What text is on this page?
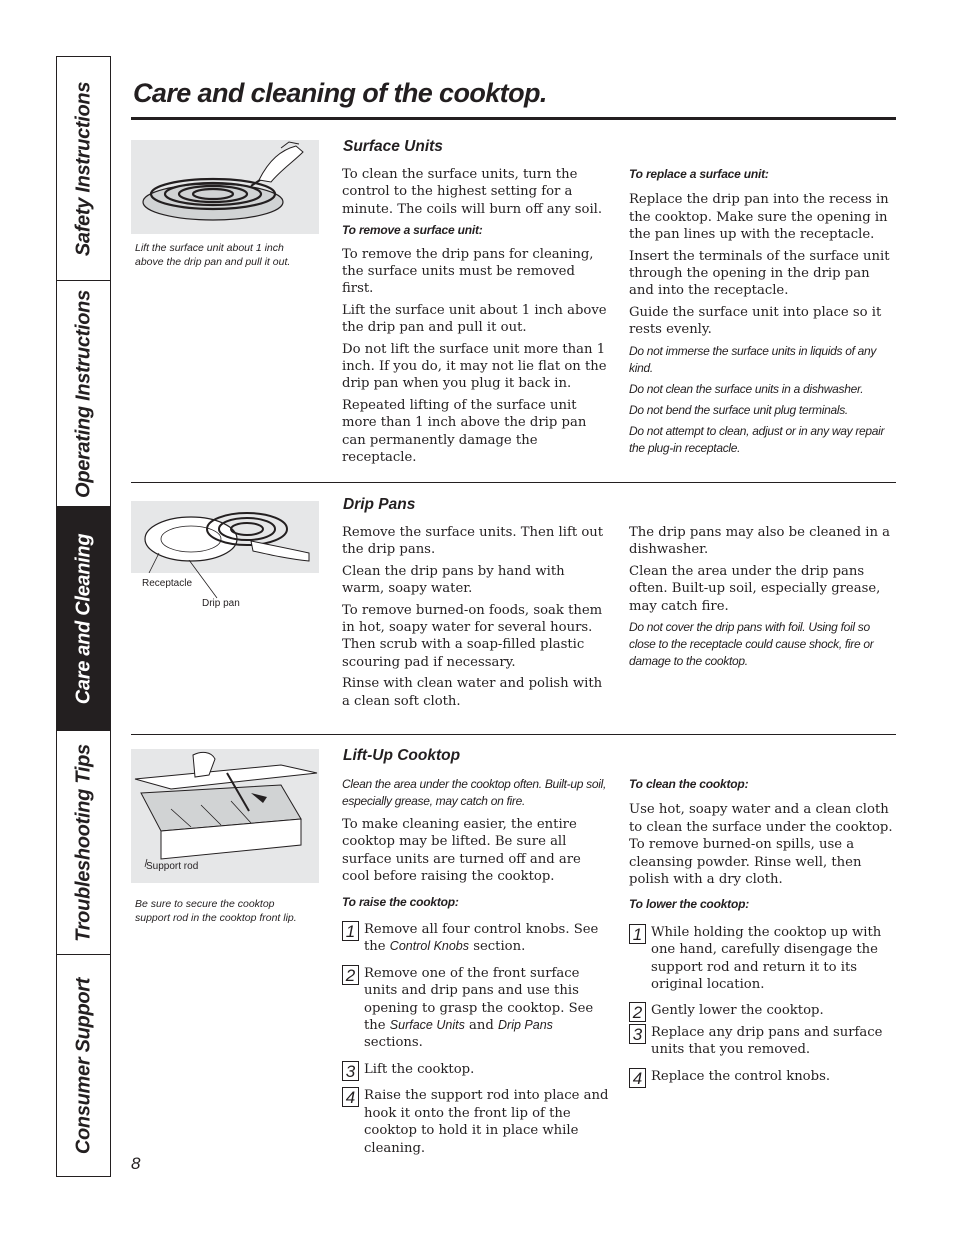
Safety Instructions
Operating Instructions
Care and Cleaning
Troubleshooting Tips
Consumer Support
Care and cleaning of the cooktop.
Lift the surface unit about 1 inch above the drip pan and pull it out.
Surface Units

To clean the surface units, turn the control to the highest setting for a minute. The coils will burn off any soil.

To remove a surface unit:

To remove the drip pans for cleaning, the surface units must be removed first.

Lift the surface unit about 1 inch above the drip pan and pull it out.

Do not lift the surface unit more than 1 inch. If you do, it may not lie flat on the drip pan when you plug it back in.

Repeated lifting of the surface unit more than 1 inch above the drip pan can permanently damage the receptacle.

To replace a surface unit:

Replace the drip pan into the recess in the cooktop. Make sure the opening in the pan lines up with the receptacle.

Insert the terminals of the surface unit through the opening in the drip pan and into the receptacle.

Guide the surface unit into place so it rests evenly.

Do not immerse the surface units in liquids of any kind.

Do not clean the surface units in a dishwasher.

Do not bend the surface unit plug terminals.

Do not attempt to clean, adjust or in any way repair the plug-in receptacle.

Receptacle
Drip pan
Drip Pans

Remove the surface units. Then lift out the drip pans.

Clean the drip pans by hand with warm, soapy water.

To remove burned-on foods, soak them in hot, soapy water for several hours. Then scrub with a soap-filled plastic scouring pad if necessary.

Rinse with clean water and polish with a clean soft cloth.

The drip pans may also be cleaned in a dishwasher.

Clean the area under the drip pans often. Built-up soil, especially grease, may catch fire.

Do not cover the drip pans with foil. Using foil so close to the receptacle could cause shock, fire or damage to the cooktop.

Support rod
Be sure to secure the cooktop support rod in the cooktop front lip.
Lift-Up Cooktop

Clean the area under the cooktop often. Built-up soil, especially grease, may catch on fire.

To make cleaning easier, the entire cooktop may be lifted. Be sure all surface units are turned off and are cool before raising the cooktop.

To raise the cooktop:

1 Remove all four control knobs. See the Control Knobs section.
2 Remove one of the front surface units and drip pans and use this opening to grasp the cooktop. See the Surface Units and Drip Pans sections.
3 Lift the cooktop.
4 Raise the support rod into place and hook it onto the front lip of the cooktop to hold it in place while cleaning.

To clean the cooktop:

Use hot, soapy water and a clean cloth to clean the surface under the cooktop. To remove burned-on spills, use a cleansing powder. Rinse well, then polish with a dry cloth.

To lower the cooktop:

1 While holding the cooktop up with one hand, carefully disengage the support rod and return it to its original location.
2 Gently lower the cooktop.
3 Replace any drip pans and surface units that you removed.
4 Replace the control knobs.
8
